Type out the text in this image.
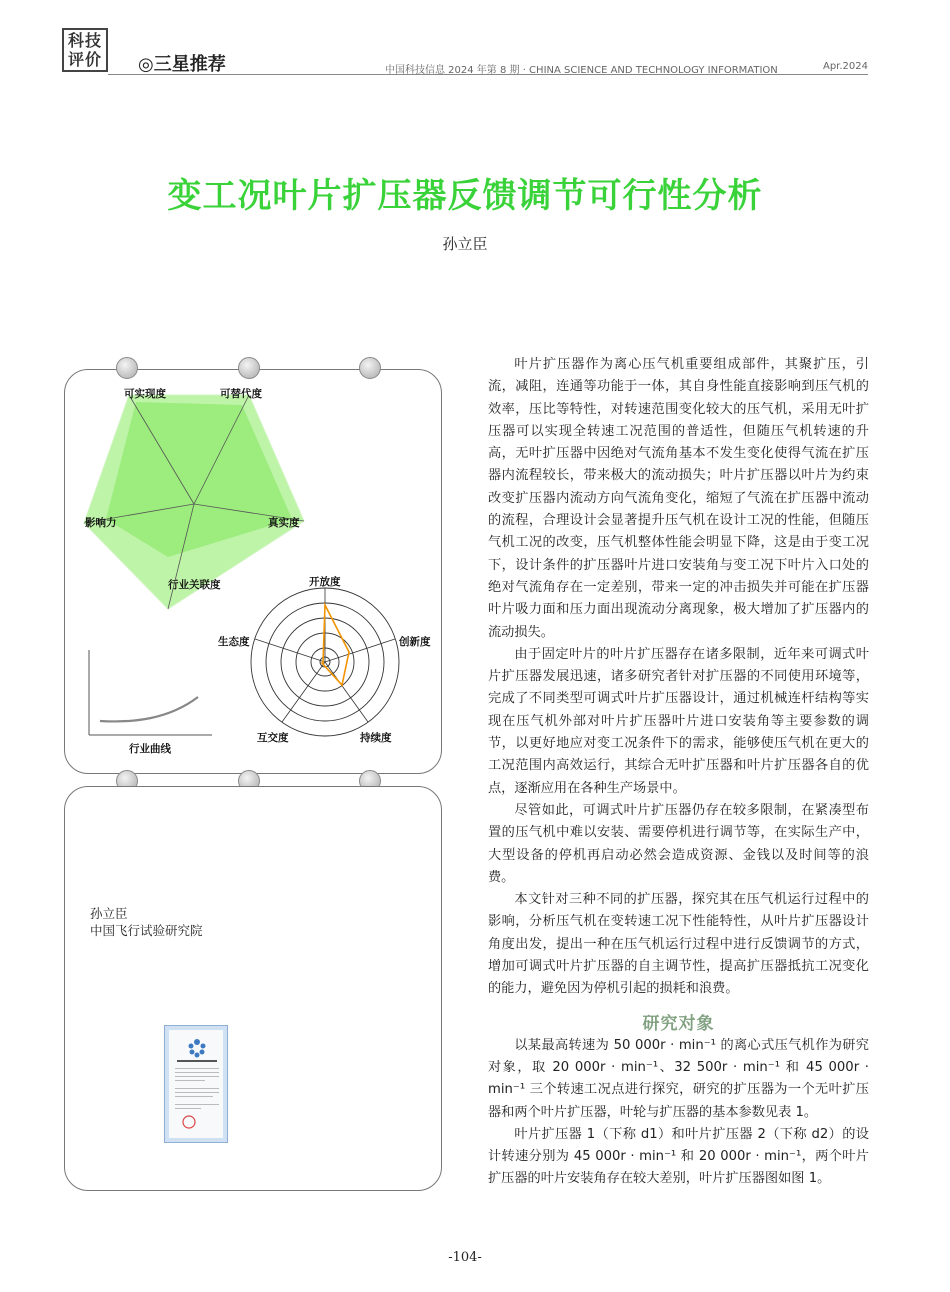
科技
评价 ◎三星推荐	中国科技信息 2024 年第 8 期 · CHINA SCIENCE AND TECHNOLOGY INFORMATION	Apr.2024
变工况叶片扩压器反馈调节可行性分析
孙立臣
可实现度	可替代度
真实度
行业关联度
影响力
开放度
创新度
持续度
互交度
生态度
行业曲线
孙立臣
中国飞行试验研究院

叶片扩压器作为离心压气机重要组成部件，其聚扩压，引流，减阻，连通等功能于一体，其自身性能直接影响到压气机的效率，压比等特性，对转速范围变化较大的压气机，采用无叶扩压器可以实现全转速工况范围的普适性，但随压气机转速的升高，无叶扩压器中因绝对气流角基本不发生变化使得气流在扩压器内流程较长，带来极大的流动损失；叶片扩压器以叶片为约束改变扩压器内流动方向气流角变化，缩短了气流在扩压器中流动的流程，合理设计会显著提升压气机在设计工况的性能，但随压气机工况的改变，压气机整体性能会明显下降，这是由于变工况下，设计条件的扩压器叶片进口安装角与变工况下叶片入口处的绝对气流角存在一定差别，带来一定的冲击损失并可能在扩压器叶片吸力面和压力面出现流动分离现象，极大增加了扩压器内的流动损失。

由于固定叶片的叶片扩压器存在诸多限制，近年来可调式叶片扩压器发展迅速，诸多研究者针对扩压器的不同使用环境等，完成了不同类型可调式叶片扩压器设计，通过机械连杆结构等实现在压气机外部对叶片扩压器叶片进口安装角等主要参数的调节，以更好地应对变工况条件下的需求，能够使压气机在更大的工况范围内高效运行，其综合无叶扩压器和叶片扩压器各自的优点，逐渐应用在各种生产场景中。

尽管如此，可调式叶片扩压器仍存在较多限制，在紧凑型布置的压气机中难以安装、需要停机进行调节等，在实际生产中，大型设备的停机再启动必然会造成资源、金钱以及时间等的浪费。

本文针对三种不同的扩压器，探究其在压气机运行过程中的影响，分析压气机在变转速工况下性能特性，从叶片扩压器设计角度出发，提出一种在压气机运行过程中进行反馈调节的方式，增加可调式叶片扩压器的自主调节性，提高扩压器抵抗工况变化的能力，避免因为停机引起的损耗和浪费。

研究对象

以某最高转速为 50 000r · min⁻¹ 的离心式压气机作为研究对象，取 20 000r · min⁻¹、32 500r · min⁻¹ 和 45 000r · min⁻¹ 三个转速工况点进行探究，研究的扩压器为一个无叶扩压器和两个叶片扩压器，叶轮与扩压器的基本参数见表 1。

叶片扩压器 1（下称 d1）和叶片扩压器 2（下称 d2）的设计转速分别为 45 000r · min⁻¹ 和 20 000r · min⁻¹，两个叶片扩压器的叶片安装角存在较大差别，叶片扩压器图如图 1。

-104-
